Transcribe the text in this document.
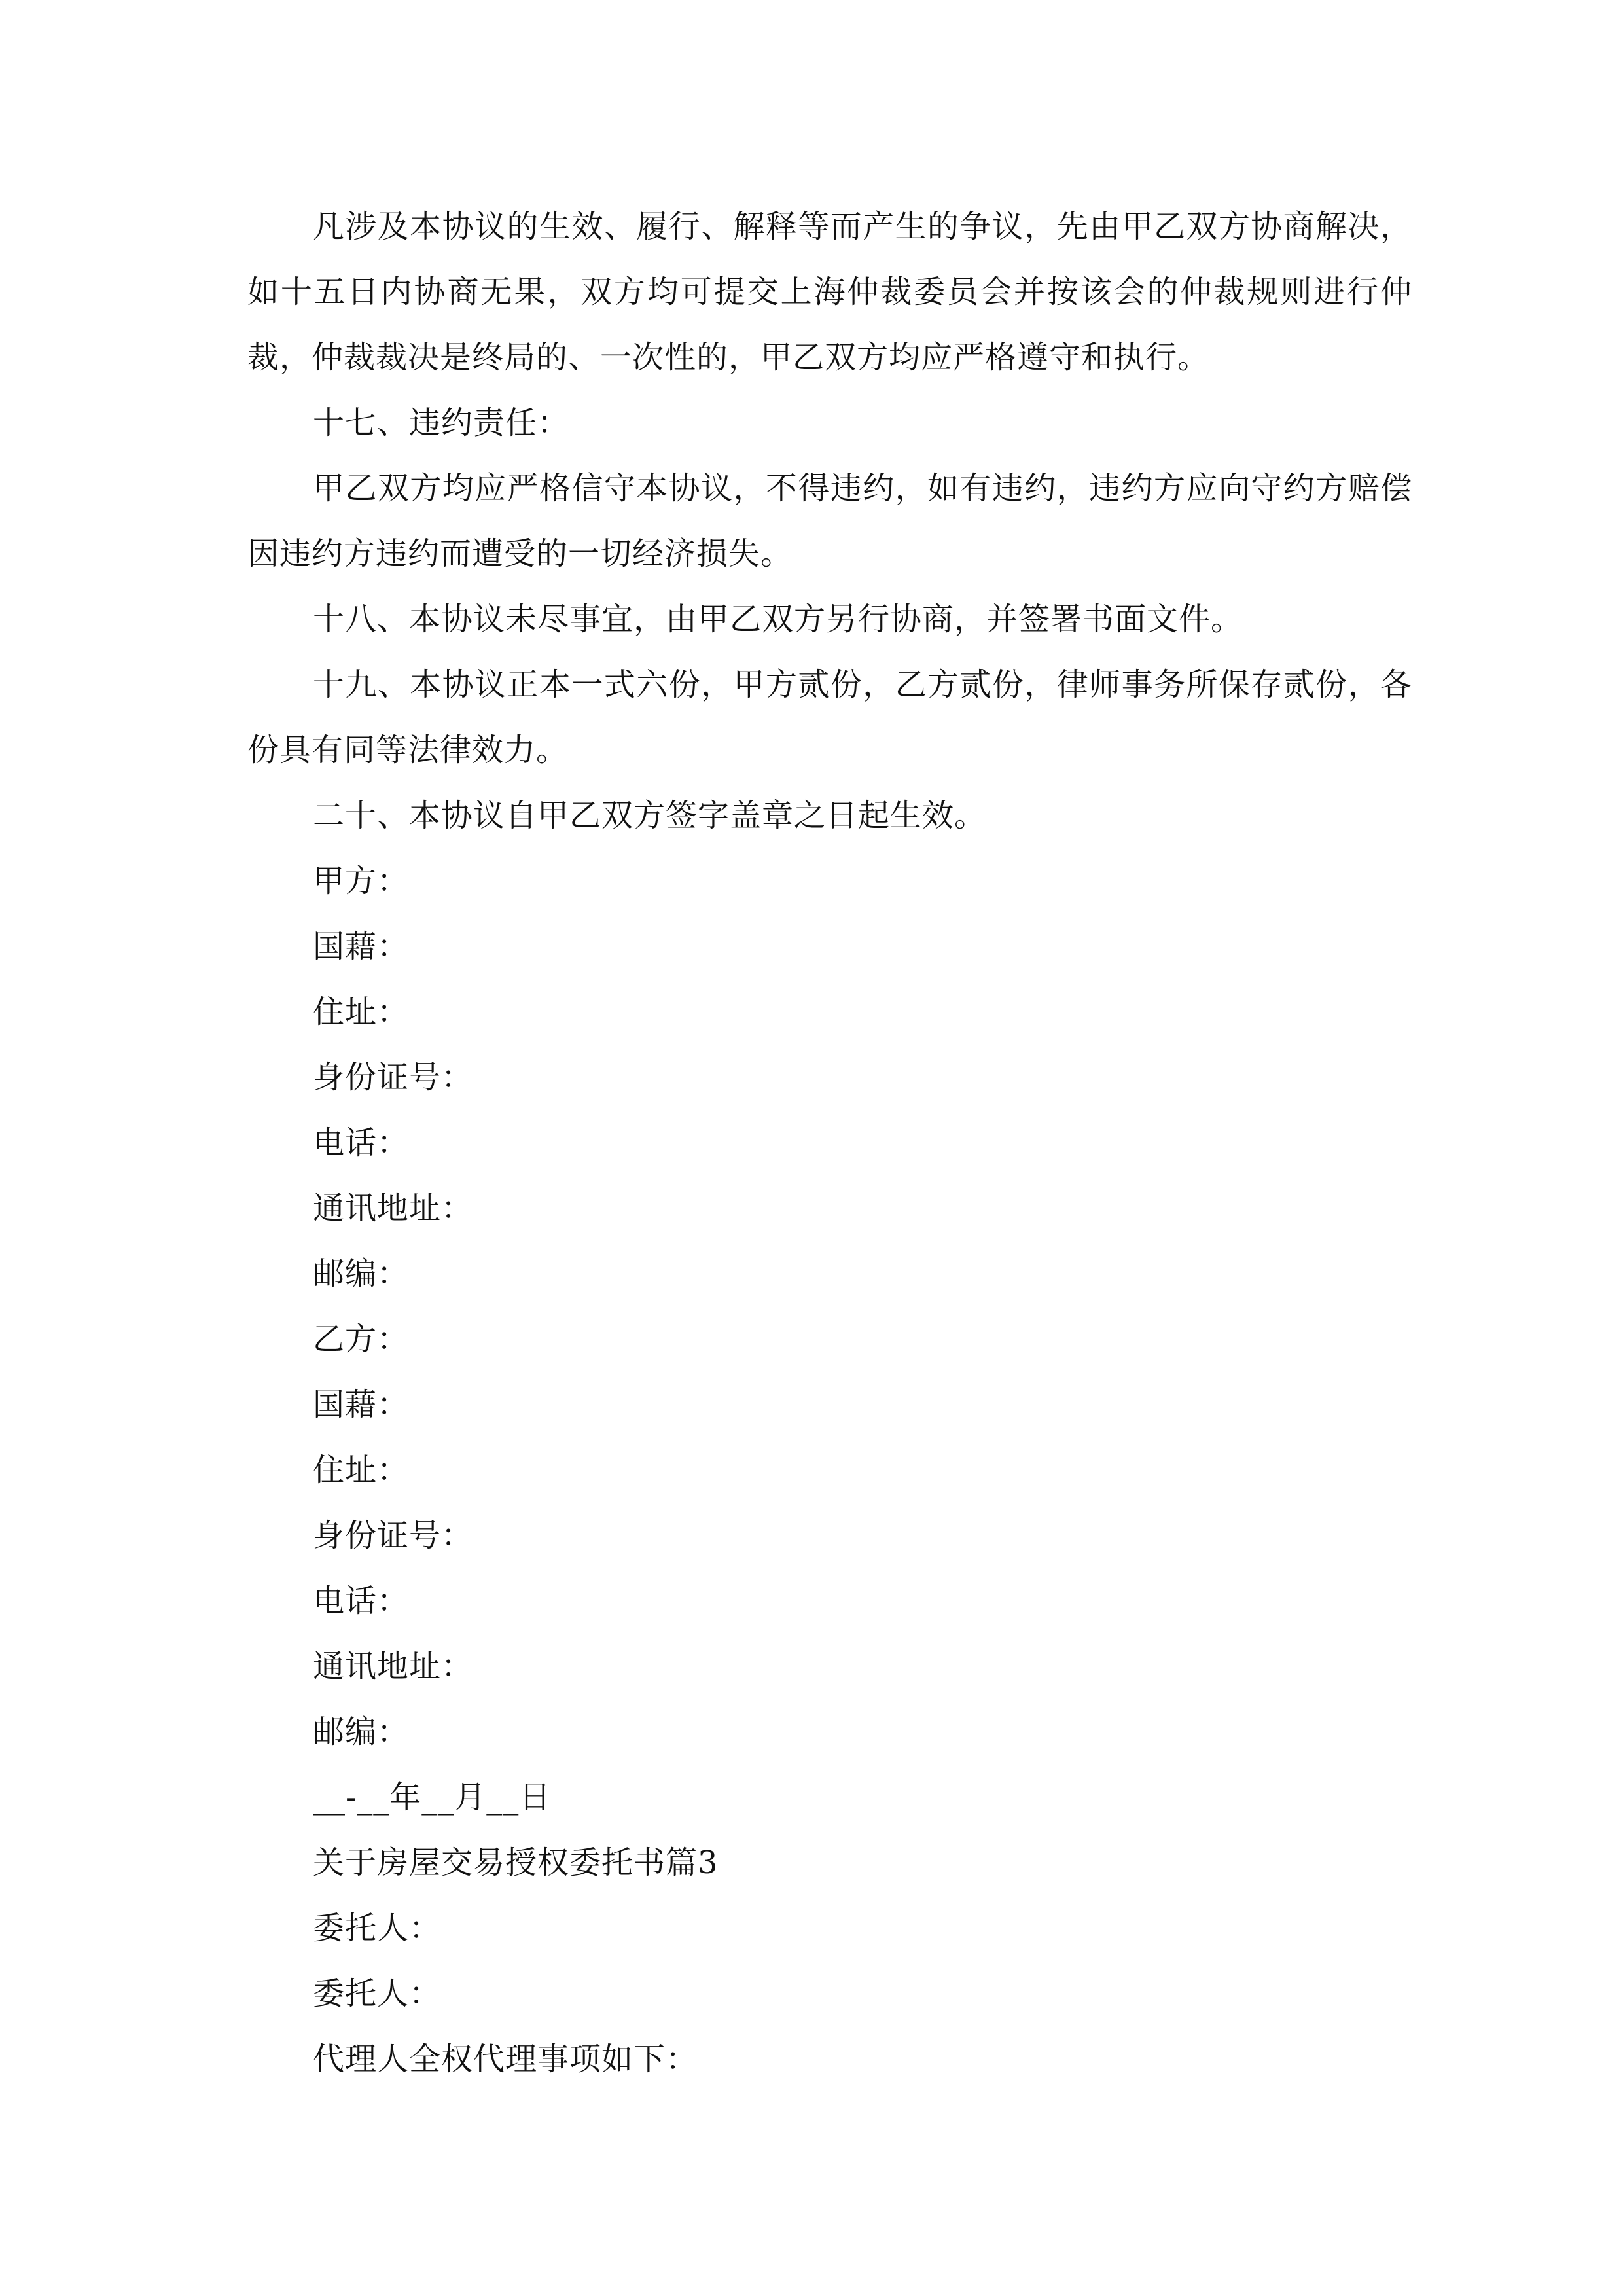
凡涉及本协议的生效、履行、解释等而产生的争议，先由甲乙双方协商解决，如十五日内协商无果，双方均可提交上海仲裁委员会并按该会的仲裁规则进行仲裁，仲裁裁决是终局的、一次性的，甲乙双方均应严格遵守和执行。

十七、违约责任：

甲乙双方均应严格信守本协议，不得违约，如有违约，违约方应向守约方赔偿因违约方违约而遭受的一切经济损失。

十八、本协议未尽事宜，由甲乙双方另行协商，并签署书面文件。

十九、本协议正本一式六份，甲方贰份，乙方贰份，律师事务所保存贰份，各份具有同等法律效力。

二十、本协议自甲乙双方签字盖章之日起生效。

甲方：

国藉：

住址：

身份证号：

电话：

通讯地址：

邮编：

乙方：

国藉：

住址：

身份证号：

电话：

通讯地址：

邮编：

__-__年__月__日

关于房屋交易授权委托书篇3

委托人：

委托人：

代理人全权代理事项如下：
